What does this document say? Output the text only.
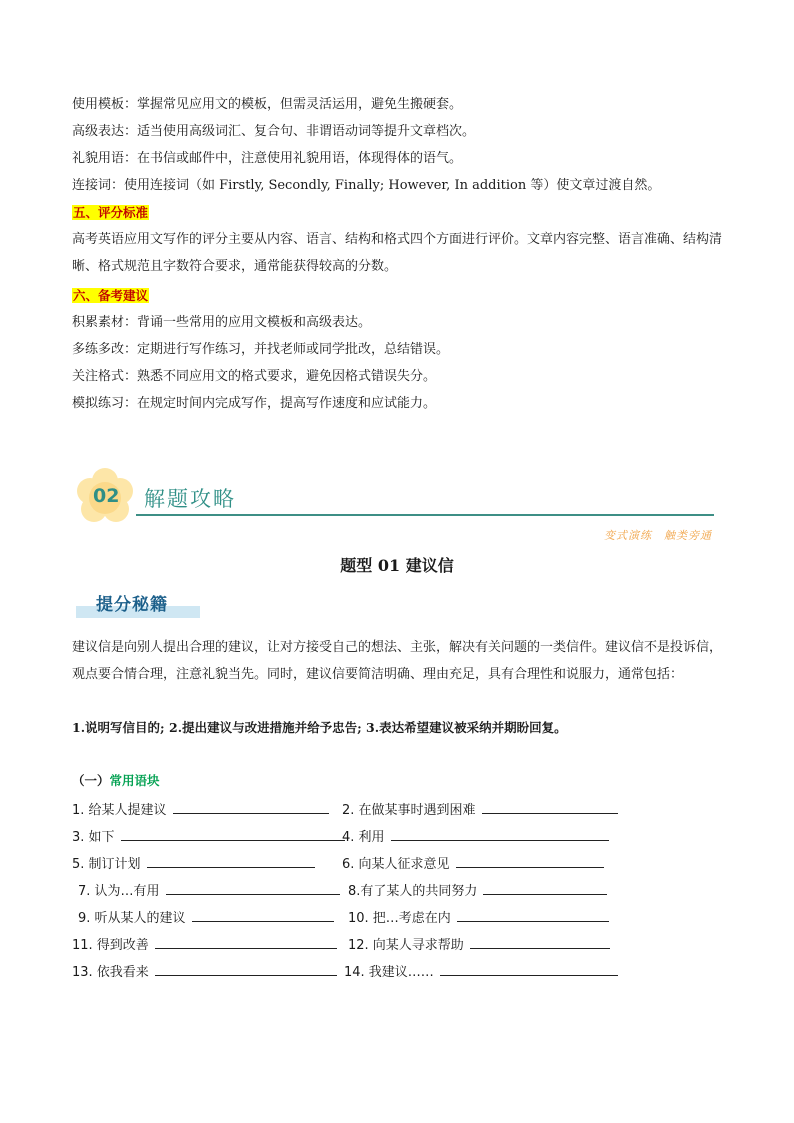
使用模板：掌握常见应用文的模板，但需灵活运用，避免生搬硬套。
高级表达：适当使用高级词汇、复合句、非谓语动词等提升文章档次。
礼貌用语：在书信或邮件中，注意使用礼貌用语，体现得体的语气。
连接词：使用连接词（如 Firstly, Secondly, Finally; However, In addition 等）使文章过渡自然。
五、评分标准
高考英语应用文写作的评分主要从内容、语言、结构和格式四个方面进行评价。文章内容完整、语言准确、结构清晰、格式规范且字数符合要求，通常能获得较高的分数。
六、备考建议
积累素材：背诵一些常用的应用文模板和高级表达。
多练多改：定期进行写作练习，并找老师或同学批改，总结错误。
关注格式：熟悉不同应用文的格式要求，避免因格式错误失分。
模拟练习：在规定时间内完成写作，提高写作速度和应试能力。
02 解题攻略
变式演练　触类旁通
题型 01 建议信
提分秘籍
建议信是向别人提出合理的建议，让对方接受自己的想法、主张，解决有关问题的一类信件。建议信不是投诉信，观点要合情合理，注意礼貌当先。同时，建议信要简洁明确、理由充足，具有合理性和说服力，通常包括：
1.说明写信目的; 2.提出建议与改进措施并给予忠告; 3.表达希望建议被采纳并期盼回复。
（一）常用语块
1. 给某人提建议
3. 如下
5. 制订计划
7. 认为…有用
9. 听从某人的建议
11. 得到改善
13. 依我看来
2. 在做某事时遇到困难
4. 利用
6. 向某人征求意见
8.有了某人的共同努力
10. 把…考虑在内
12. 向某人寻求帮助
14. 我建议……
